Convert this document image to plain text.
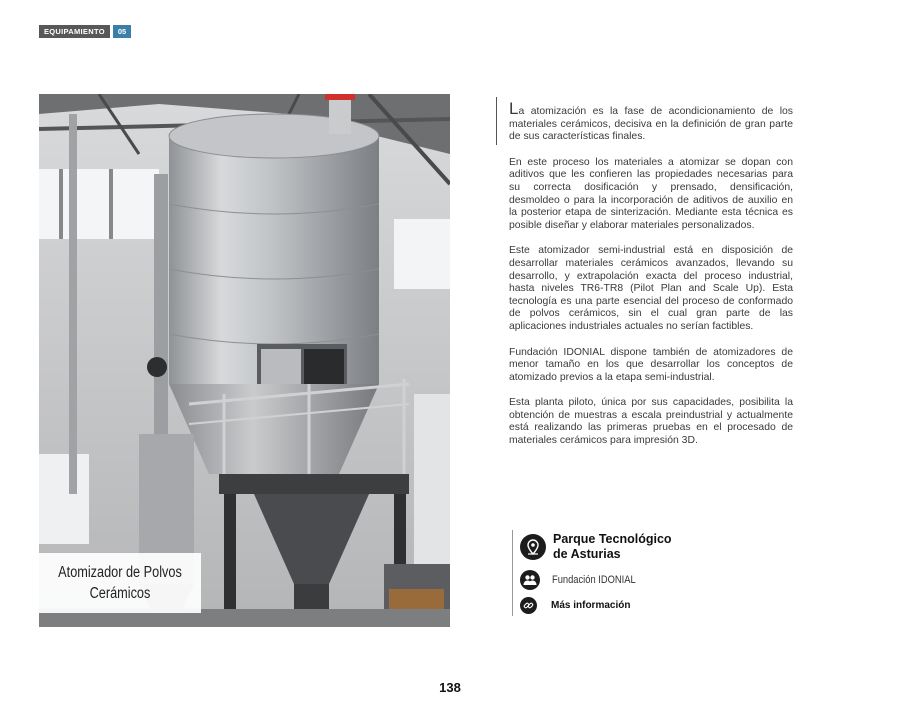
EQUIPAMIENTO	05
Atomizador de Polvos
Cerámicos

La atomización es la fase de acondicionamiento de los materiales cerámicos, decisiva en la definición de gran parte de sus características finales.

En este proceso los materiales a atomizar se dopan con aditivos que les confieren las propiedades necesarias para su correcta dosificación y prensado, densificación, desmoldeo o para la incorporación de aditivos de auxilio en la posterior etapa de sinterización. Mediante esta técnica es posible diseñar y elaborar materiales personalizados.

Este atomizador semi-industrial está en disposición de desarrollar materiales cerámicos avanzados, llevando su desarrollo, y extrapolación exacta del proceso industrial, hasta niveles TR6-TR8 (Pilot Plan and Scale Up). Esta tecnología es una parte esencial del proceso de conformado de polvos cerámicos, sin el cual gran parte de las aplicaciones industriales actuales no serían factibles.

Fundación IDONIAL dispone también de atomizadores de menor tamaño en los que desarrollar los conceptos de atomizado previos a la etapa semi-industrial.

Esta planta piloto, única por sus capacidades, posibilita la obtención de muestras a escala preindustrial y actualmente está realizando las primeras pruebas en el procesado de materiales cerámicos para impresión 3D.

Parque Tecnológico
de Asturias
Fundación IDONIAL
Más información
138
